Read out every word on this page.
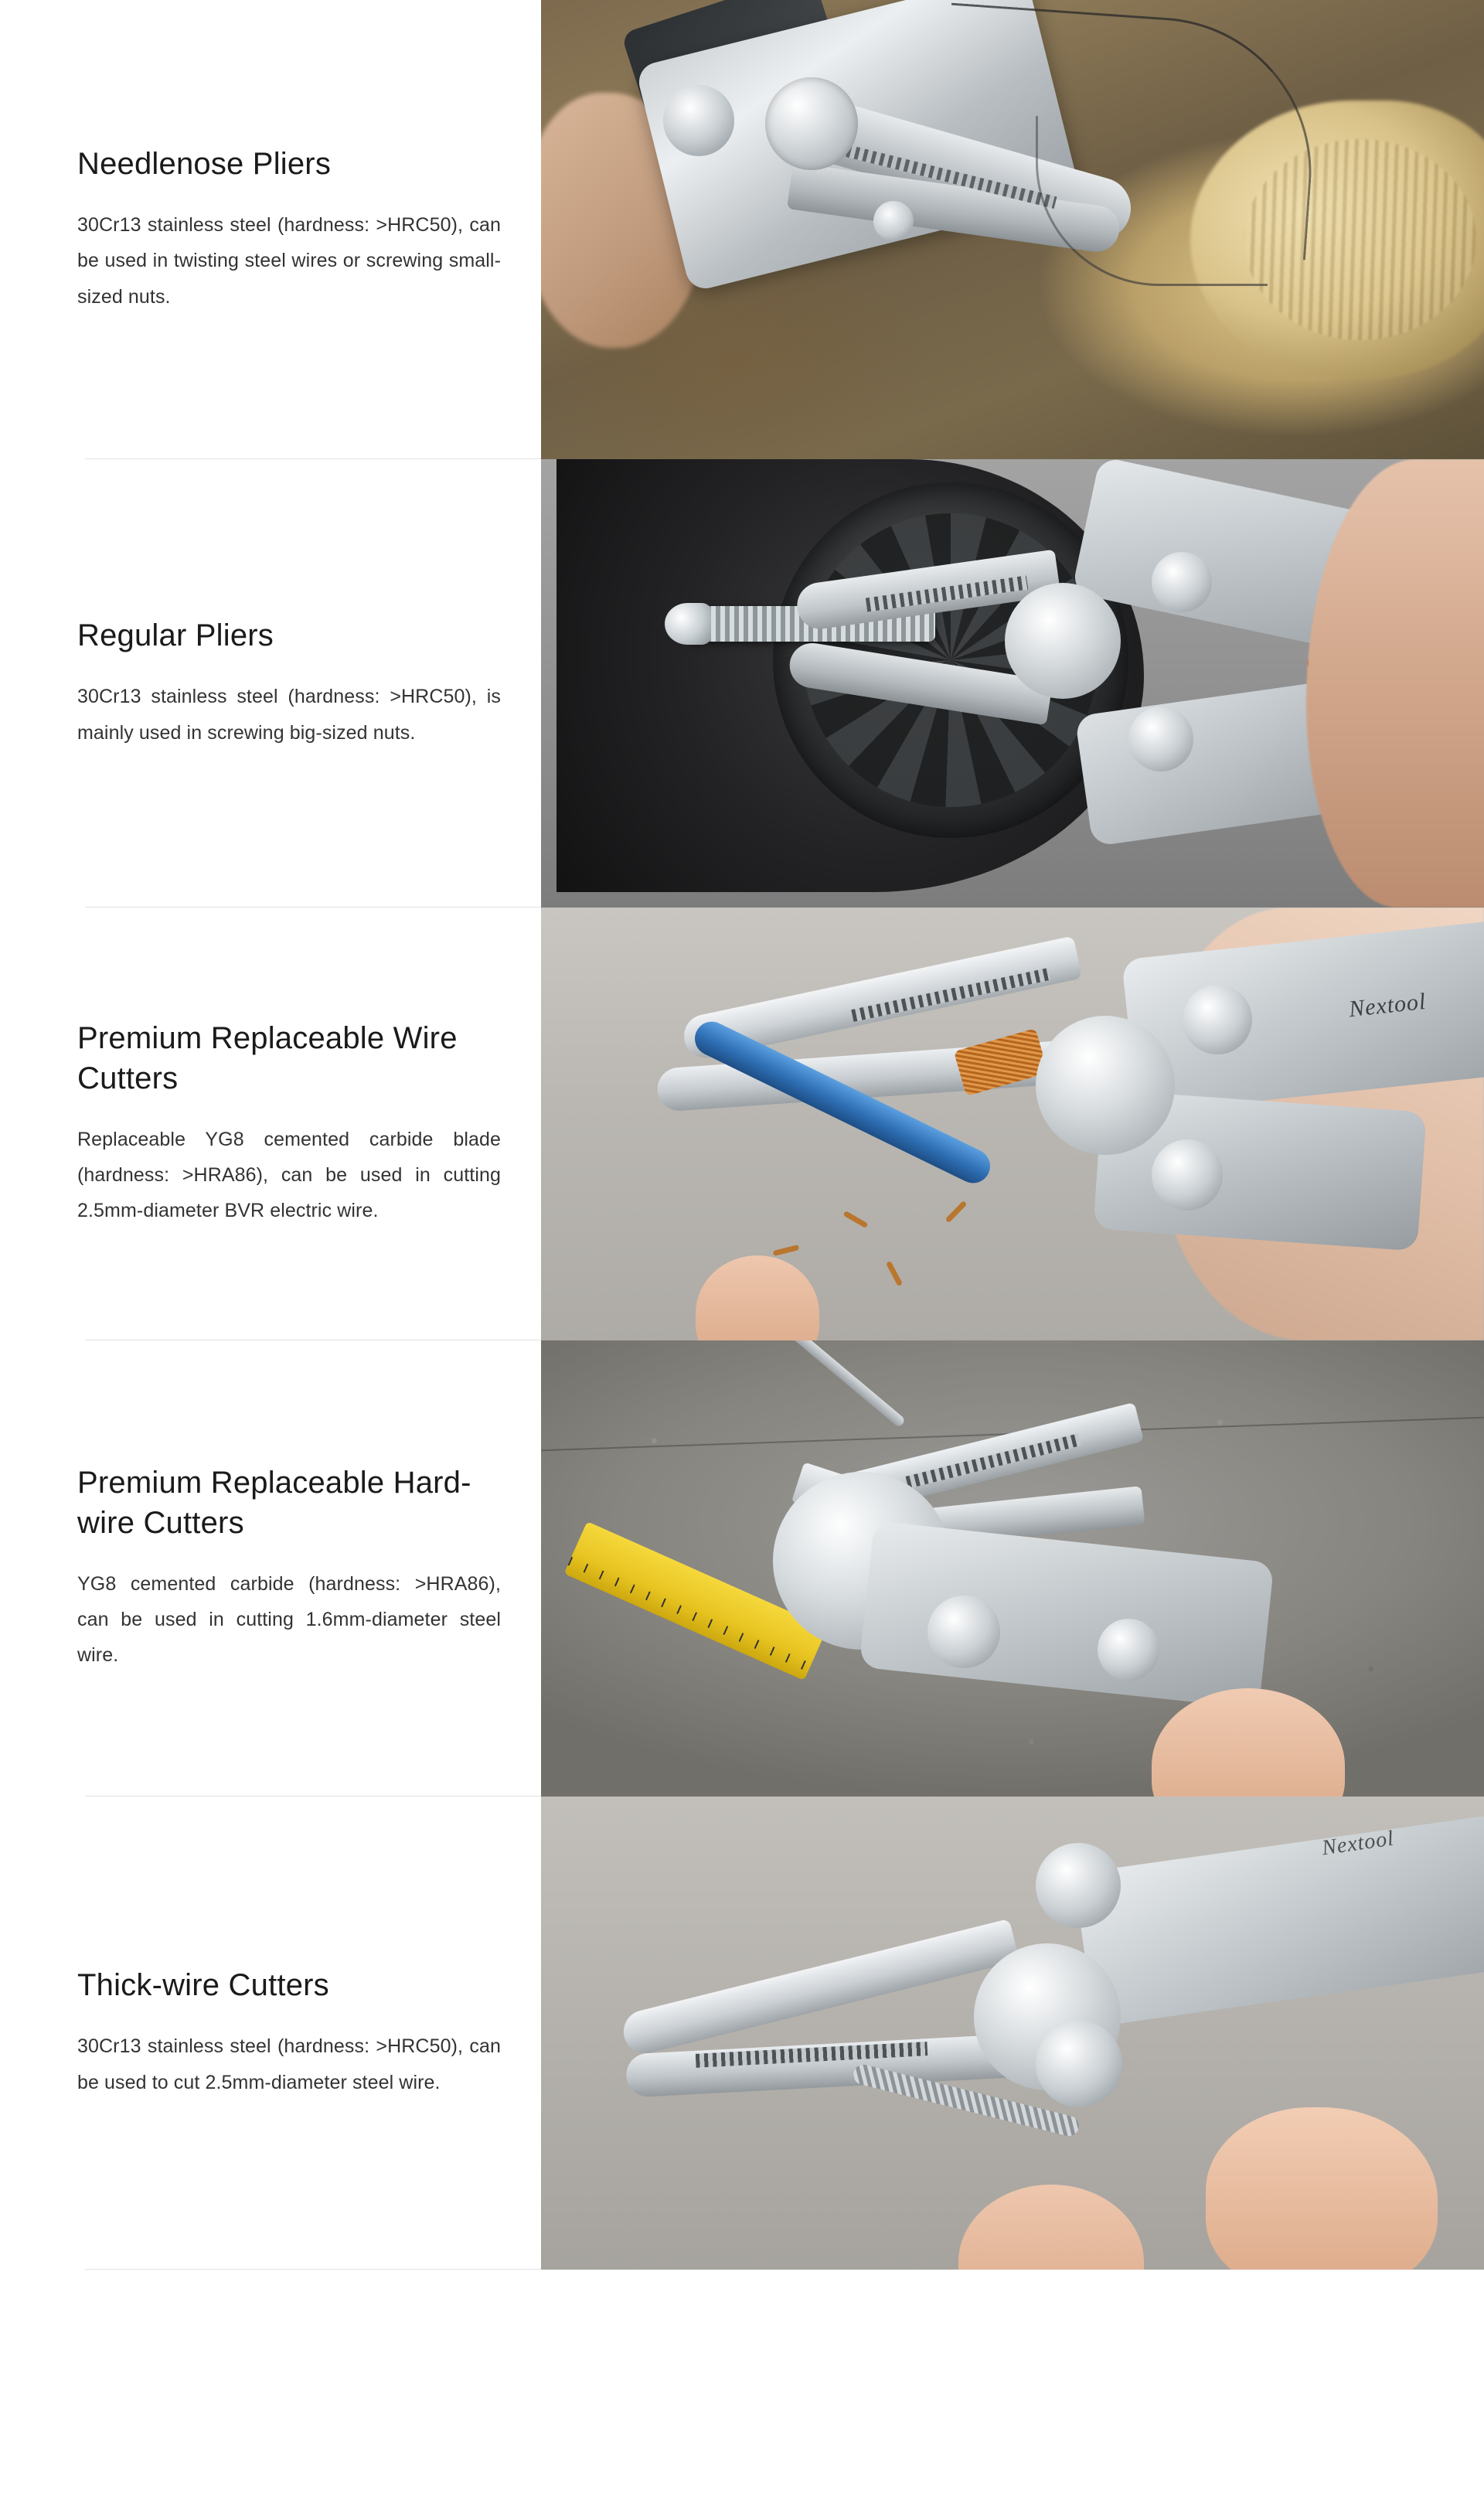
Needlenose Pliers
30Cr13 stainless steel (hardness: >HRC50), can be used in twisting steel wires or screwing small-sized nuts.
Regular Pliers
30Cr13 stainless steel (hardness: >HRC50), is mainly used in screwing big-sized nuts.
Premium Replaceable Wire Cutters
Replaceable YG8 cemented carbide blade (hardness: >HRA86), can be used in cutting 2.5mm-diameter BVR electric wire.
Nextool
Premium Replaceable Hard-wire Cutters
YG8 cemented carbide (hardness: >HRA86), can be used in cutting 1.6mm-diameter steel wire.
Thick-wire Cutters
30Cr13 stainless steel (hardness: >HRC50), can be used to cut 2.5mm-diameter steel wire.
Nextool
